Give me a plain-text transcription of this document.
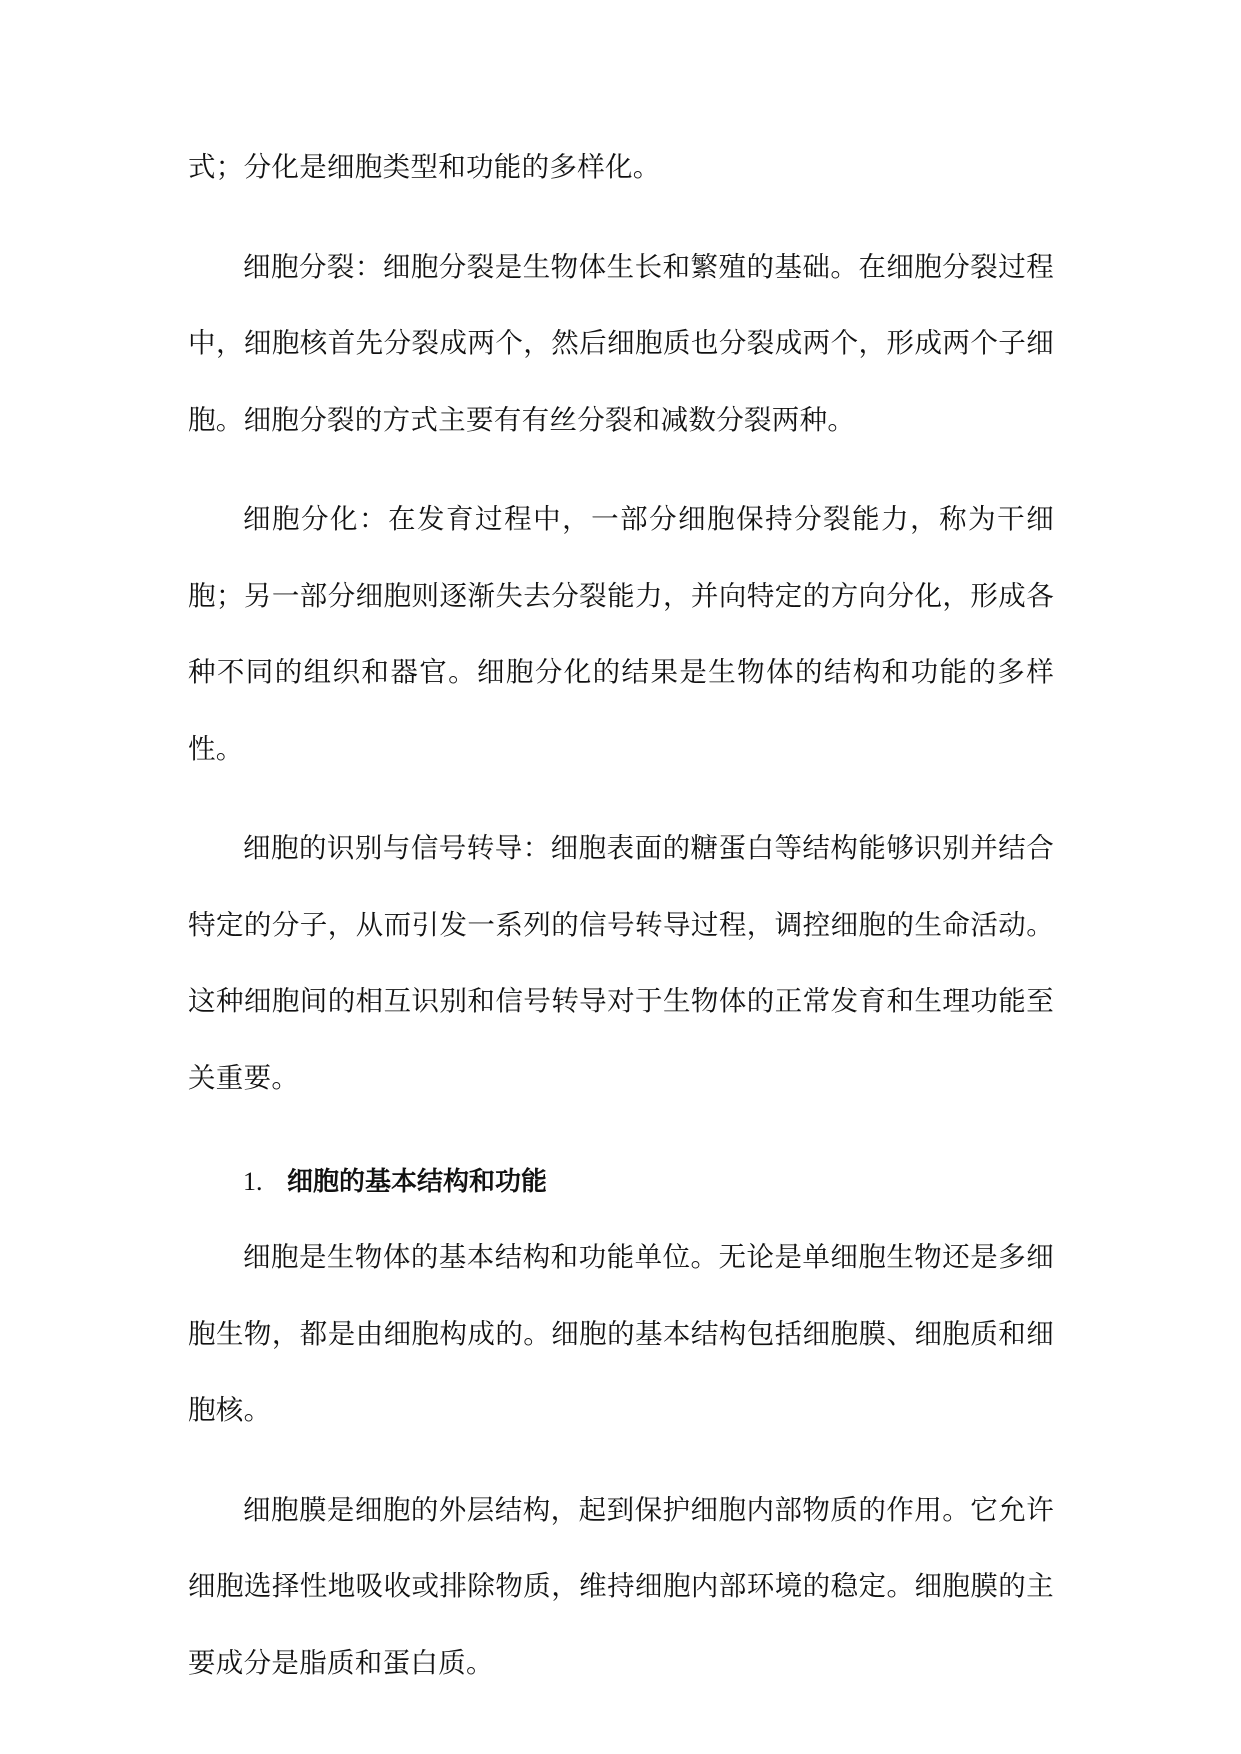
式；分化是细胞类型和功能的多样化。

细胞分裂：细胞分裂是生物体生长和繁殖的基础。在细胞分裂过程中，细胞核首先分裂成两个，然后细胞质也分裂成两个，形成两个子细胞。细胞分裂的方式主要有有丝分裂和减数分裂两种。

细胞分化：在发育过程中，一部分细胞保持分裂能力，称为干细胞；另一部分细胞则逐渐失去分裂能力，并向特定的方向分化，形成各种不同的组织和器官。细胞分化的结果是生物体的结构和功能的多样性。

细胞的识别与信号转导：细胞表面的糖蛋白等结构能够识别并结合特定的分子，从而引发一系列的信号转导过程，调控细胞的生命活动。这种细胞间的相互识别和信号转导对于生物体的正常发育和生理功能至关重要。

1. 细胞的基本结构和功能

细胞是生物体的基本结构和功能单位。无论是单细胞生物还是多细胞生物，都是由细胞构成的。细胞的基本结构包括细胞膜、细胞质和细胞核。

细胞膜是细胞的外层结构，起到保护细胞内部物质的作用。它允许细胞选择性地吸收或排除物质，维持细胞内部环境的稳定。细胞膜的主要成分是脂质和蛋白质。
